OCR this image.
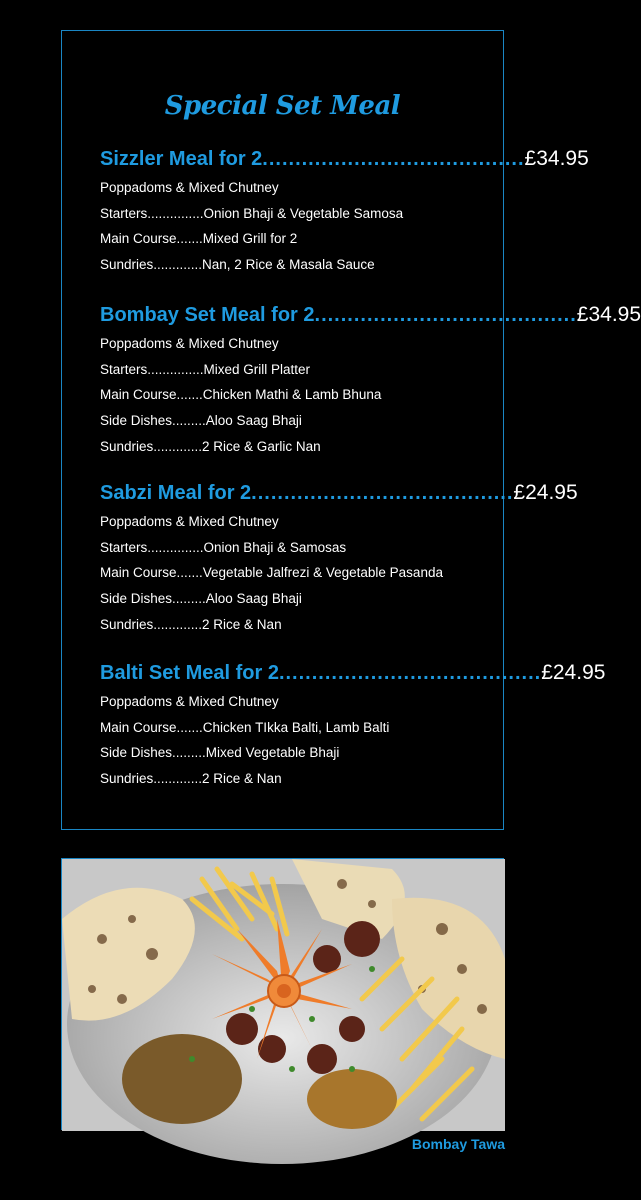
Special Set Meal
Sizzler Meal for 2 ........................................ £34.95
Poppadoms & Mixed Chutney
Starters...............Onion Bhaji & Vegetable Samosa
Main Course.......Mixed Grill for 2
Sundries.............Nan, 2 Rice & Masala Sauce
Bombay Set Meal for 2 ........................................ £34.95
Poppadoms & Mixed Chutney
Starters...............Mixed Grill Platter
Main Course.......Chicken Mathi & Lamb Bhuna
Side Dishes.........Aloo Saag Bhaji
Sundries.............2 Rice & Garlic Nan
Sabzi Meal for 2 ........................................ £24.95
Poppadoms & Mixed Chutney
Starters...............Onion Bhaji & Samosas
Main Course.......Vegetable Jalfrezi & Vegetable Pasanda
Side Dishes.........Aloo Saag Bhaji
Sundries.............2 Rice & Nan
Balti Set Meal for 2 ........................................ £24.95
Poppadoms & Mixed Chutney
Main Course.......Chicken TIkka Balti, Lamb Balti
Side Dishes.........Mixed Vegetable Bhaji
Sundries.............2 Rice & Nan
Bombay Tawa
